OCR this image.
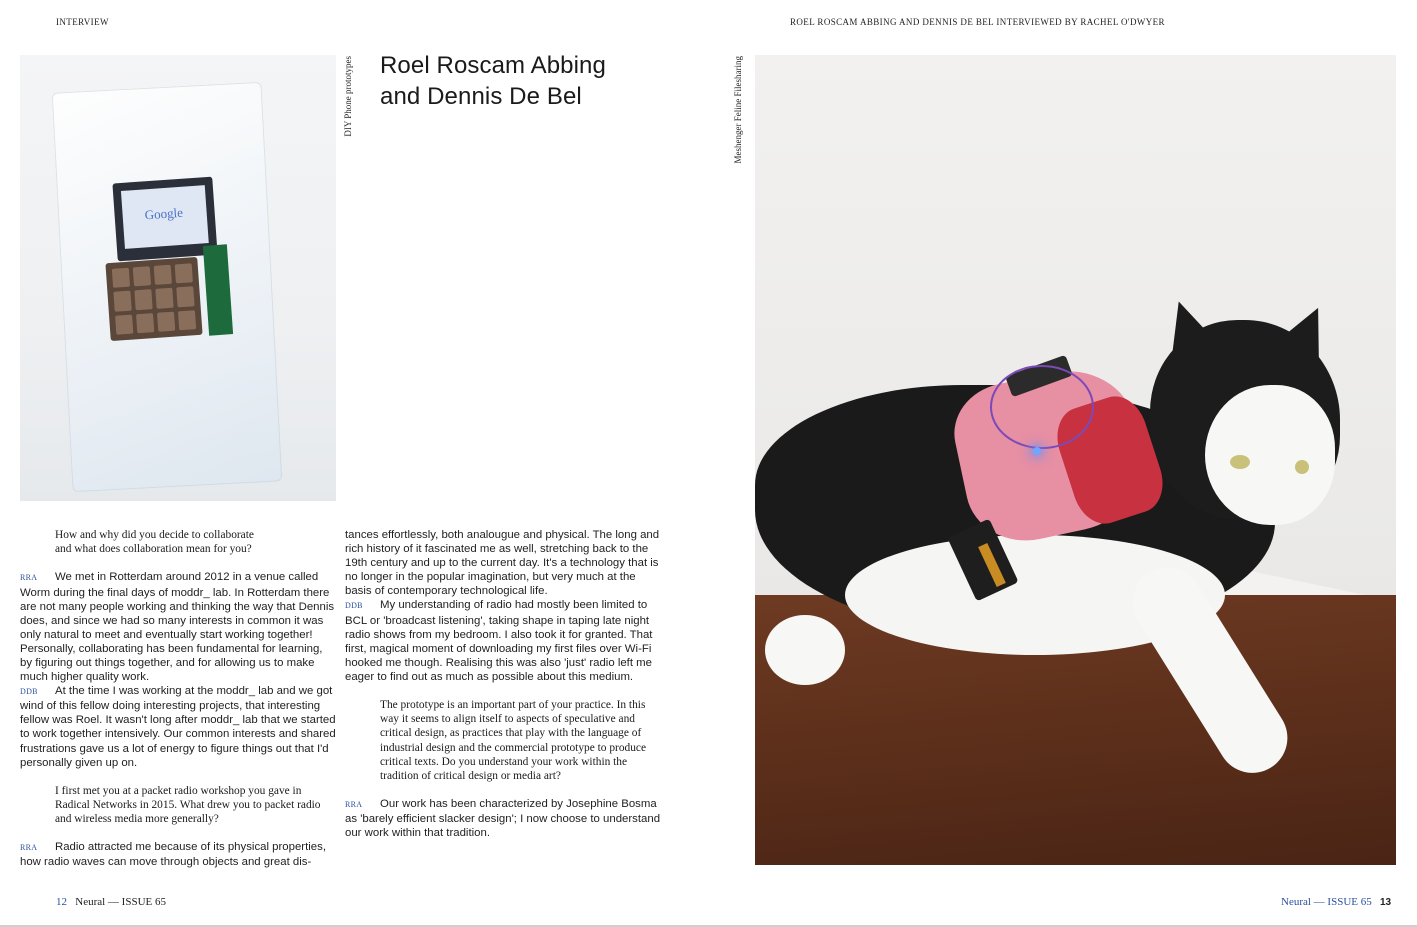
INTERVIEW	ROEL ROSCAM ABBING AND DENNIS DE BEL INTERVIEWED BY RACHEL O'DWYER
Google
DIY Phone prototypes	Meshenger Feline Filesharing
Roel Roscam Abbing
and Dennis De Bel

How and why did you decide to collaborate

and what does collaboration mean for you?

RRA We met in Rotterdam around 2012 in a venue called Worm during the final days of moddr_ lab. In Rotterdam there are not many people working and thinking the way that Dennis does, and since we had so many interests in common it was only natural to meet and eventually start working together! Personally, collaborating has been fundamental for learning, by figuring out things together, and for allowing us to make much higher quality work.

DDB At the time I was working at the moddr_ lab and we got wind of this fellow doing interesting projects, that interesting fellow was Roel. It wasn't long after moddr_ lab that we started to work together intensively. Our common interests and shared frustrations gave us a lot of energy to figure things out that I'd personally given up on.

I first met you at a packet radio workshop you gave in Radical Networks in 2015. What drew you to packet radio and wireless media more generally?

RRA Radio attracted me because of its physical properties, how radio waves can move through objects and great dis-

tances effortlessly, both analougue and physical. The long and rich history of it fascinated me as well, stretching back to the 19th century and up to the current day. It's a technology that is no longer in the popular imagination, but very much at the basis of contemporary technological life.

DDB My understanding of radio had mostly been limited to BCL or 'broadcast listening', taking shape in taping late night radio shows from my bedroom. I also took it for granted. That first, magical moment of downloading my first files over Wi-Fi hooked me though. Realising this was also 'just' radio left me eager to find out as much as possible about this medium.

The prototype is an important part of your practice. In this way it seems to align itself to aspects of speculative and critical design, as practices that play with the language of industrial design and the commercial prototype to produce critical texts. Do you understand your work within the tradition of critical design or media art?

RRA Our work has been characterized by Josephine Bosma as 'barely efficient slacker design'; I now choose to understand our work within that tradition.

12 Neural — ISSUE 65	Neural — ISSUE 65 13
